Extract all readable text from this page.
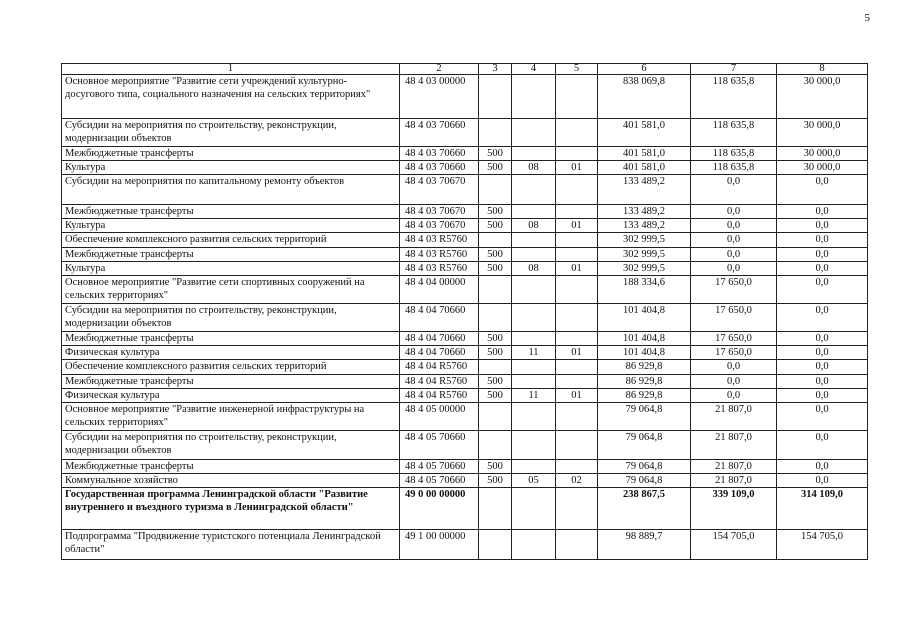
5
1	2	3	4	5	6	7	8
Основное мероприятие "Развитие сети учреждений культурно-досугового типа, социального назначения на сельских территориях"	48 4 03 00000				838 069,8	118 635,8	30 000,0
Субсидии на мероприятия по строительству, реконструкции, модернизации объектов	48 4 03 70660				401 581,0	118 635,8	30 000,0
Межбюджетные трансферты	48 4 03 70660	500			401 581,0	118 635,8	30 000,0
Культура	48 4 03 70660	500	08	01	401 581,0	118 635,8	30 000,0
Субсидии на мероприятия по капитальному ремонту объектов	48 4 03 70670				133 489,2	0,0	0,0
Межбюджетные трансферты	48 4 03 70670	500			133 489,2	0,0	0,0
Культура	48 4 03 70670	500	08	01	133 489,2	0,0	0,0
Обеспечение комплексного развития сельских территорий	48 4 03 R5760				302 999,5	0,0	0,0
Межбюджетные трансферты	48 4 03 R5760	500			302 999,5	0,0	0,0
Культура	48 4 03 R5760	500	08	01	302 999,5	0,0	0,0
Основное мероприятие "Развитие сети спортивных сооружений на сельских территориях"	48 4 04 00000				188 334,6	17 650,0	0,0
Субсидии на мероприятия по строительству, реконструкции, модернизации объектов	48 4 04 70660				101 404,8	17 650,0	0,0
Межбюджетные трансферты	48 4 04 70660	500			101 404,8	17 650,0	0,0
Физическая культура	48 4 04 70660	500	11	01	101 404,8	17 650,0	0,0
Обеспечение комплексного развития сельских территорий	48 4 04 R5760				86 929,8	0,0	0,0
Межбюджетные трансферты	48 4 04 R5760	500			86 929,8	0,0	0,0
Физическая культура	48 4 04 R5760	500	11	01	86 929,8	0,0	0,0
Основное мероприятие "Развитие инженерной инфраструктуры на сельских территориях"	48 4 05 00000				79 064,8	21 807,0	0,0
Субсидии на мероприятия по строительству, реконструкции, модернизации объектов	48 4 05 70660				79 064,8	21 807,0	0,0
Межбюджетные трансферты	48 4 05 70660	500			79 064,8	21 807,0	0,0
Коммунальное хозяйство	48 4 05 70660	500	05	02	79 064,8	21 807,0	0,0
Государственная программа Ленинградской области "Развитие внутреннего и въездного туризма в Ленинградской области"	49 0 00 00000				238 867,5	339 109,0	314 109,0
Подпрограмма "Продвижение туристского потенциала Ленинградской области"	49 1 00 00000				98 889,7	154 705,0	154 705,0
